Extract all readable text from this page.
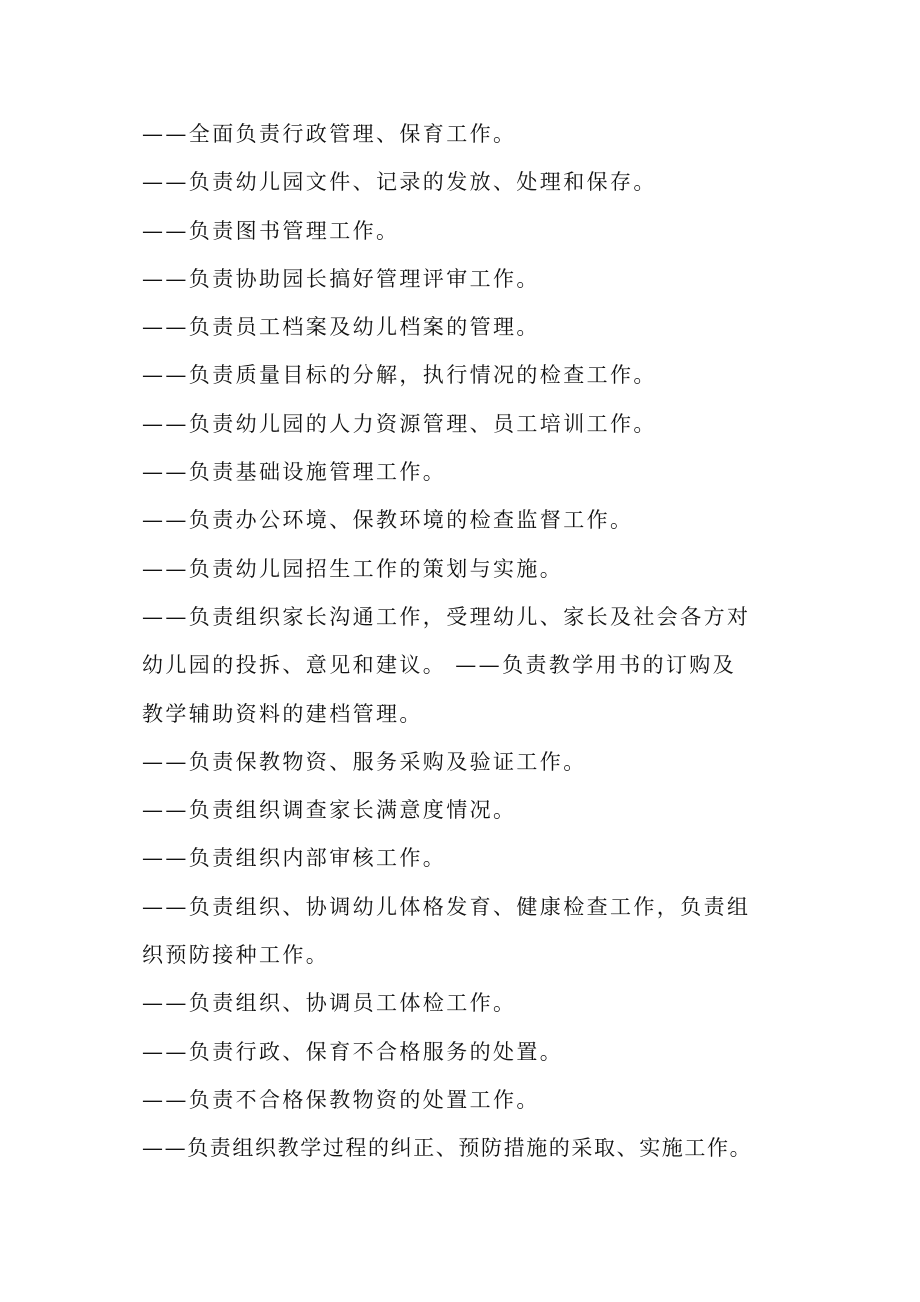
——全面负责行政管理、保育工作。
——负责幼儿园文件、记录的发放、处理和保存。
——负责图书管理工作。
——负责协助园长搞好管理评审工作。
——负责员工档案及幼儿档案的管理。
——负责质量目标的分解，执行情况的检查工作。
——负责幼儿园的人力资源管理、员工培训工作。
——负责基础设施管理工作。
——负责办公环境、保教环境的检查监督工作。
——负责幼儿园招生工作的策划与实施。
——负责组织家长沟通工作，受理幼儿、家长及社会各方对
幼儿园的投拆、意见和建议。 ——负责教学用书的订购及
教学辅助资料的建档管理。
——负责保教物资、服务采购及验证工作。
——负责组织调查家长满意度情况。
——负责组织内部审核工作。
——负责组织、协调幼儿体格发育、健康检查工作，负责组
织预防接种工作。
——负责组织、协调员工体检工作。
——负责行政、保育不合格服务的处置。
——负责不合格保教物资的处置工作。
——负责组织教学过程的纠正、预防措施的采取、实施工作。
